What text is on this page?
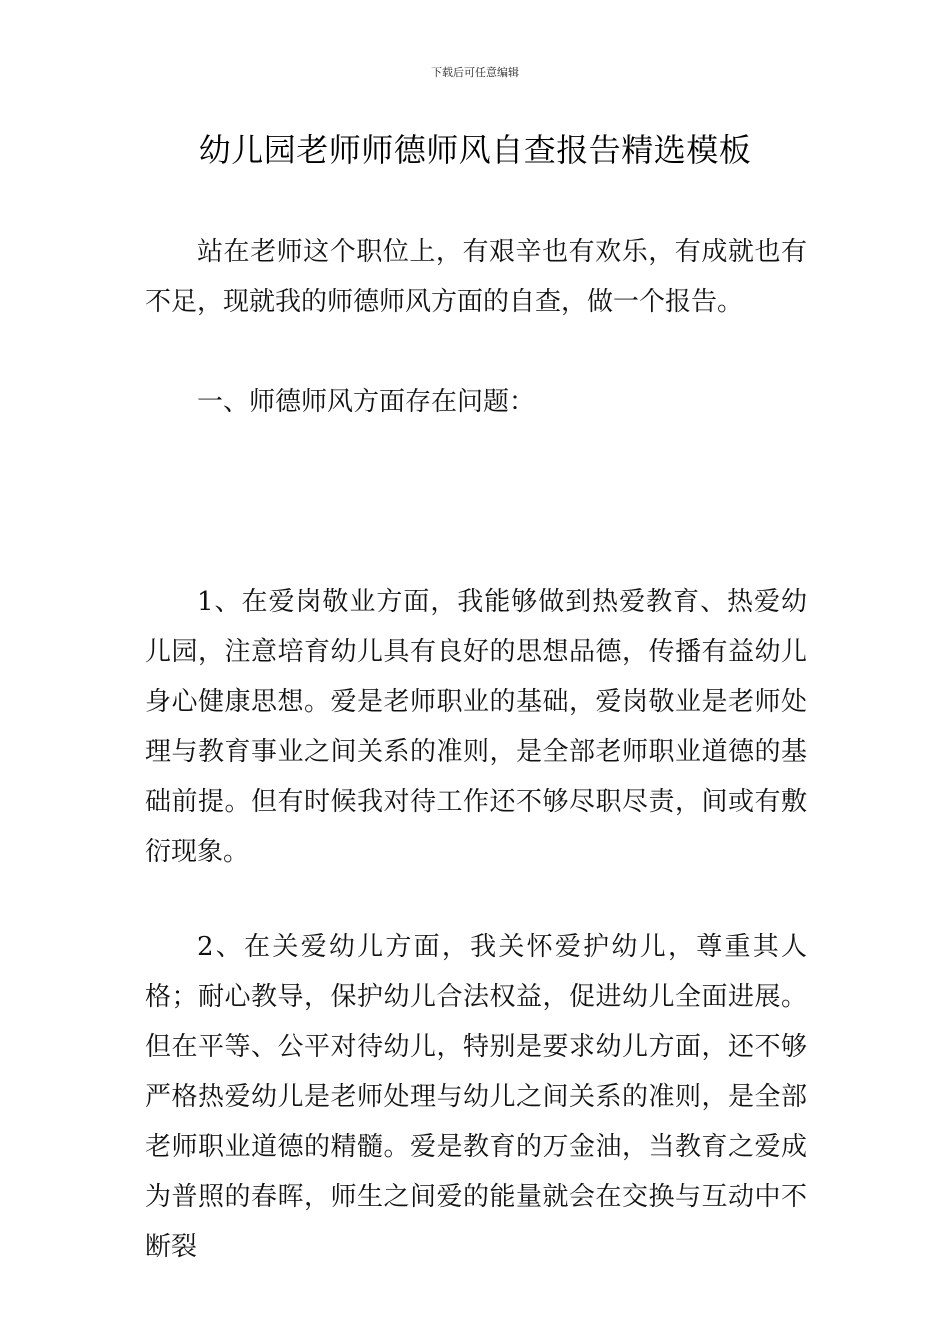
下载后可任意编辑
幼儿园老师师德师风自查报告精选模板

站在老师这个职位上，有艰辛也有欢乐，有成就也有不足，现就我的师德师风方面的自查，做一个报告。

一、师德师风方面存在问题：

1、在爱岗敬业方面，我能够做到热爱教育、热爱幼儿园，注意培育幼儿具有良好的思想品德，传播有益幼儿身心健康思想。爱是老师职业的基础，爱岗敬业是老师处理与教育事业之间关系的准则，是全部老师职业道德的基础前提。但有时候我对待工作还不够尽职尽责，间或有敷衍现象。

2、在关爱幼儿方面，我关怀爱护幼儿，尊重其人格；耐心教导，保护幼儿合法权益，促进幼儿全面进展。但在平等、公平对待幼儿，特别是要求幼儿方面，还不够严格热爱幼儿是老师处理与幼儿之间关系的准则，是全部老师职业道德的精髓。爱是教育的万金油，当教育之爱成为普照的春晖，师生之间爱的能量就会在交换与互动中不断裂
